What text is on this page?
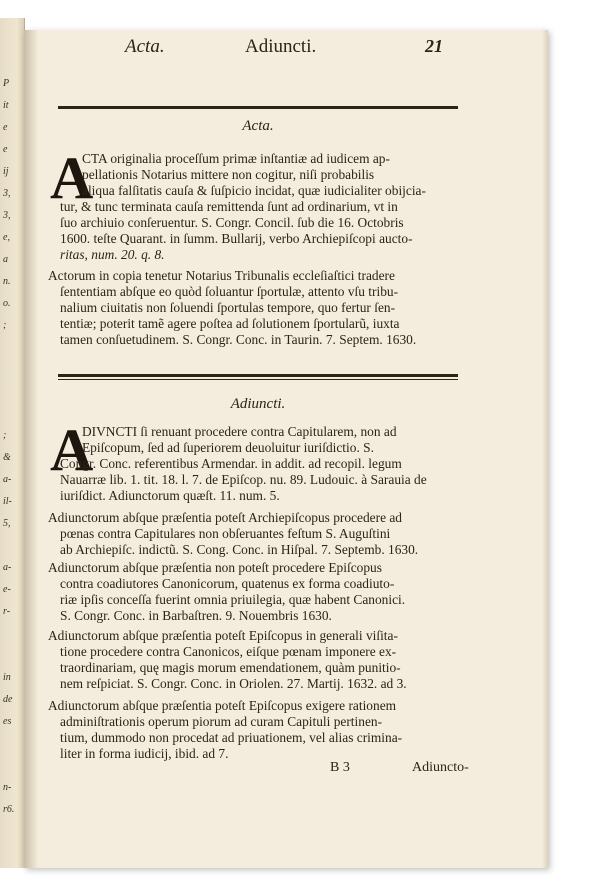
P
it
e
e
ij
3,
3,
e,
a
n.
o.
;
;
&
a-
il-
5,
a-
e-
r-
in
de
es
n-
r6.
Acta.	Adiuncti.	21
Acta.
A
CTA originalia proceſſum primæ inſtantiæ ad iudicem ap-
pellationis Notarius mittere non cogitur, niſi probabilis
aliqua falſitatis cauſa & ſuſpicio incidat, quæ iudicialiter obijcia-
tur, & tunc terminata cauſa remittenda ſunt ad ordinarium, vt in
ſuo archiuio conſeruentur. S. Congr. Concil. ſub die 16. Octobris
1600. teſte Quarant. in ſumm. Bullarij, verbo Archiepiſcopi aucto-
ritas, num. 20. q. 8.
Actorum in copia tenetur Notarius Tribunalis eccleſiaſtici tradere
ſententiam abſque eo quòd ſoluantur ſportulæ, attento vſu tribu-
nalium ciuitatis non ſoluendi ſportulas tempore, quo fertur ſen-
tentiæ; poterit tamẽ agere poſtea ad ſolutionem ſportularũ, iuxta
tamen conſuetudinem. S. Congr. Conc. in Taurin. 7. Septem. 1630.
Adiuncti.
A
DIVNCTI ſi renuant procedere contra Capitularem, non ad
Epiſcopum, ſed ad ſuperiorem deuoluitur iuriſdictio. S.
Congr. Conc. referentibus Armendar. in addit. ad recopil. legum
Nauarræ lib. 1. tit. 18. l. 7. de Epiſcop. nu. 89. Ludouic. à Sarauia de
iuriſdict. Adiunctorum quæſt. 11. num. 5.
Adiunctorum abſque præſentia poteſt Archiepiſcopus procedere ad
pœnas contra Capitulares non obſeruantes feſtum S. Auguſtini
ab Archiepiſc. indictũ. S. Cong. Conc. in Hiſpal. 7. Septemb. 1630.
Adiunctorum abſque præſentia non poteſt procedere Epiſcopus
contra coadiutores Canonicorum, quatenus ex forma coadiuto-
riæ ipſis conceſſa fuerint omnia priuilegia, quæ habent Canonici.
S. Congr. Conc. in Barbaſtren. 9. Nouembris 1630.
Adiunctorum abſque præſentia poteſt Epiſcopus in generali viſita-
tione procedere contra Canonicos, eiſque pœnam imponere ex-
traordinariam, quę magis morum emendationem, quàm punitio-
nem reſpiciat. S. Congr. Conc. in Oriolen. 27. Martij. 1632. ad 3.
Adiunctorum abſque præſentia poteſt Epiſcopus exigere rationem
adminiſtrationis operum piorum ad curam Capituli pertinen-
tium, dummodo non procedat ad priuationem, vel alias crimina-
liter in forma iudicij, ibid. ad 7.
B 3	Adiuncto-
